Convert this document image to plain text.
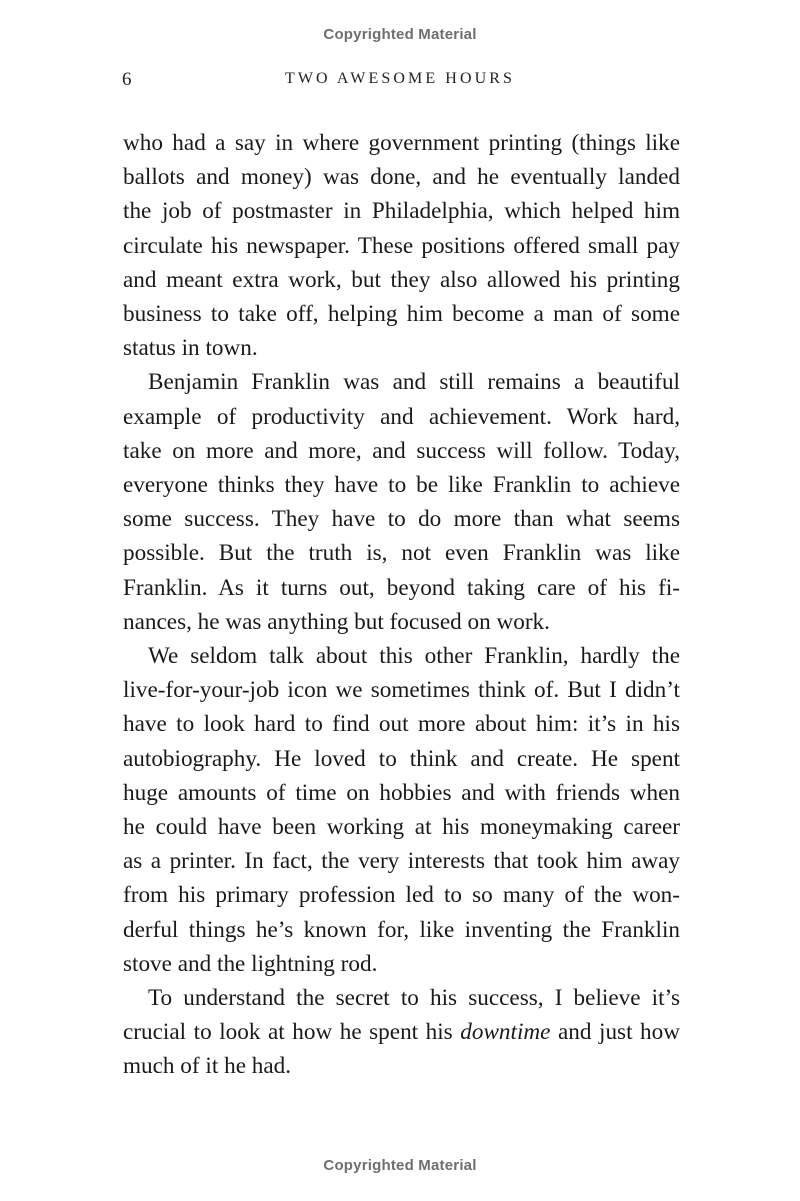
Copyrighted Material
6	TWO AWESOME HOURS
who had a say in where government printing (things like
ballots and money) was done, and he eventually landed
the job of postmaster in Philadelphia, which helped him
circulate his newspaper. These positions offered small pay
and meant extra work, but they also allowed his printing
business to take off, helping him become a man of some
status in town.
Benjamin Franklin was and still remains a beautiful
example of productivity and achievement. Work hard,
take on more and more, and success will follow. Today,
everyone thinks they have to be like Franklin to achieve
some success. They have to do more than what seems
possible. But the truth is, not even Franklin was like
Franklin. As it turns out, beyond taking care of his fi-
nances, he was anything but focused on work.
We seldom talk about this other Franklin, hardly the
live-for-your-job icon we sometimes think of. But I didn’t
have to look hard to find out more about him: it’s in his
autobiography. He loved to think and create. He spent
huge amounts of time on hobbies and with friends when
he could have been working at his moneymaking career
as a printer. In fact, the very interests that took him away
from his primary profession led to so many of the won-
derful things he’s known for, like inventing the Franklin
stove and the lightning rod.
To understand the secret to his success, I believe it’s
crucial to look at how he spent his downtime and just how
much of it he had.
Copyrighted Material
